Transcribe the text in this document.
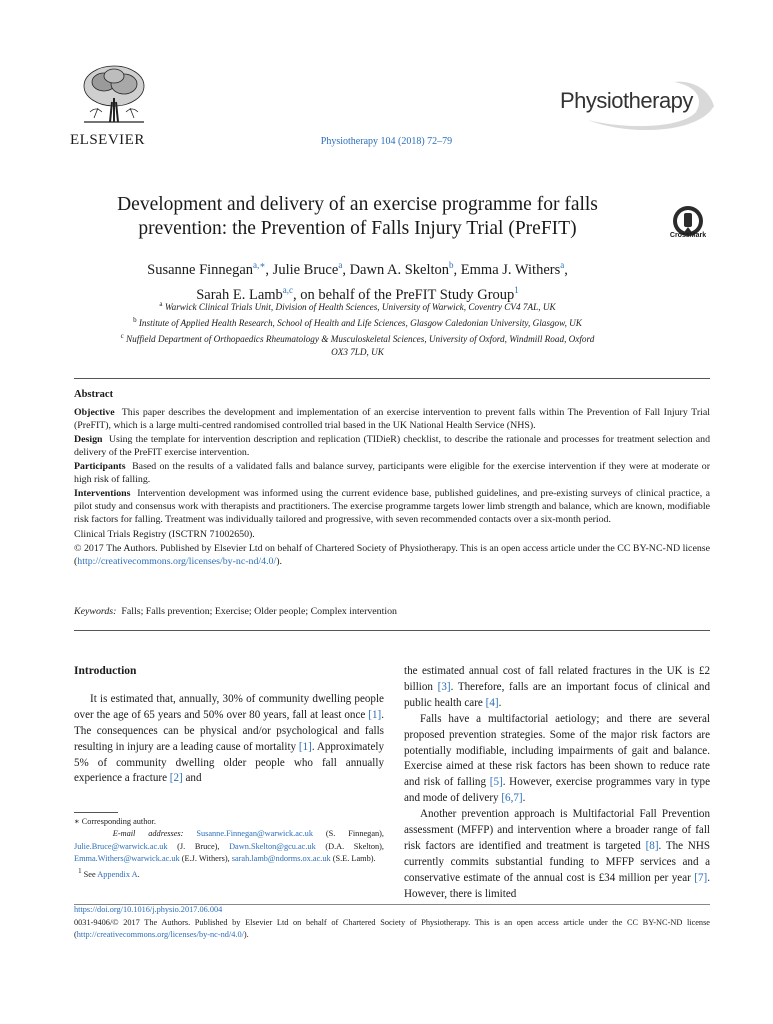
ELSEVIER	Physiotherapy 104 (2018) 72–79
Physiotherapy
Development and delivery of an exercise programme for falls
prevention: the Prevention of Falls Injury Trial (PreFIT)	CrossMark
Susanne Finnegan$^{a,∗}$, Julie Bruce$^a$, Dawn A. Skelton$^b$, Emma J. Withers$^a$,
Sarah E. Lamb$^{a,c}$, on behalf of the PreFIT Study Group$^1$
$^a$ Warwick Clinical Trials Unit, Division of Health Sciences, University of Warwick, Coventry CV4 7AL, UK
$^b$ Institute of Applied Health Research, School of Health and Life Sciences, Glasgow Caledonian University, Glasgow, UK
$^c$ Nuffield Department of Orthopaedics Rheumatology & Musculoskeletal Sciences, University of Oxford, Windmill Road, Oxford
OX3 7LD, UK
Abstract

Objective This paper describes the development and implementation of an exercise intervention to prevent falls within The Prevention of Fall Injury Trial (PreFIT), which is a large multi-centred randomised controlled trial based in the UK National Health Service (NHS).

Design Using the template for intervention description and replication (TIDieR) checklist, to describe the rationale and processes for treatment selection and delivery of the PreFIT exercise intervention.

Participants Based on the results of a validated falls and balance survey, participants were eligible for the exercise intervention if they were at moderate or high risk of falling.

Interventions Intervention development was informed using the current evidence base, published guidelines, and pre-existing surveys of clinical practice, a pilot study and consensus work with therapists and practitioners. The exercise programme targets lower limb strength and balance, which are known, modifiable risk factors for falling. Treatment was individually tailored and progressive, with seven recommended contacts over a six-month period.

Clinical Trials Registry (ISCTRN 71002650).

© 2017 The Authors. Published by Elsevier Ltd on behalf of Chartered Society of Physiotherapy. This is an open access article under the CC BY-NC-ND license (http://creativecommons.org/licenses/by-nc-nd/4.0/).

Keywords: Falls; Falls prevention; Exercise; Older people; Complex intervention

Introduction

It is estimated that, annually, 30% of community dwelling people over the age of 65 years and 50% over 80 years, fall at least once [1]. The consequences can be physical and/or psychological and falls resulting in injury are a leading cause of mortality [1]. Approximately 5% of community dwelling older people who fall annually experience a fracture [2] and

the estimated annual cost of fall related fractures in the UK is £2 billion [3]. Therefore, falls are an important focus of clinical and public health care [4].

Falls have a multifactorial aetiology; and there are several proposed prevention strategies. Some of the major risk factors are potentially modifiable, including impairments of gait and balance. Exercise aimed at these risk factors has been shown to reduce rate and risk of falling [5]. However, exercise programmes vary in type and mode of delivery [6,7].

Another prevention approach is Multifactorial Fall Prevention assessment (MFFP) and intervention where a broader range of fall risk factors are identified and treatment is targeted [8]. The NHS currently commits substantial funding to MFFP services and a conservative estimate of the annual cost is £34 million per year [7]. However, there is limited

∗ Corresponding author.

E-mail addresses: Susanne.Finnegan@warwick.ac.uk (S. Finnegan), Julie.Bruce@warwick.ac.uk (J. Bruce), Dawn.Skelton@gcu.ac.uk (D.A. Skelton), Emma.Withers@warwick.ac.uk (E.J. Withers), sarah.lamb@ndorms.ox.ac.uk (S.E. Lamb).

$^1$ See Appendix A.

https://doi.org/10.1016/j.physio.2017.06.004
0031-9406/© 2017 The Authors. Published by Elsevier Ltd on behalf of Chartered Society of Physiotherapy. This is an open access article under the CC BY-NC-ND license (http://creativecommons.org/licenses/by-nc-nd/4.0/).
